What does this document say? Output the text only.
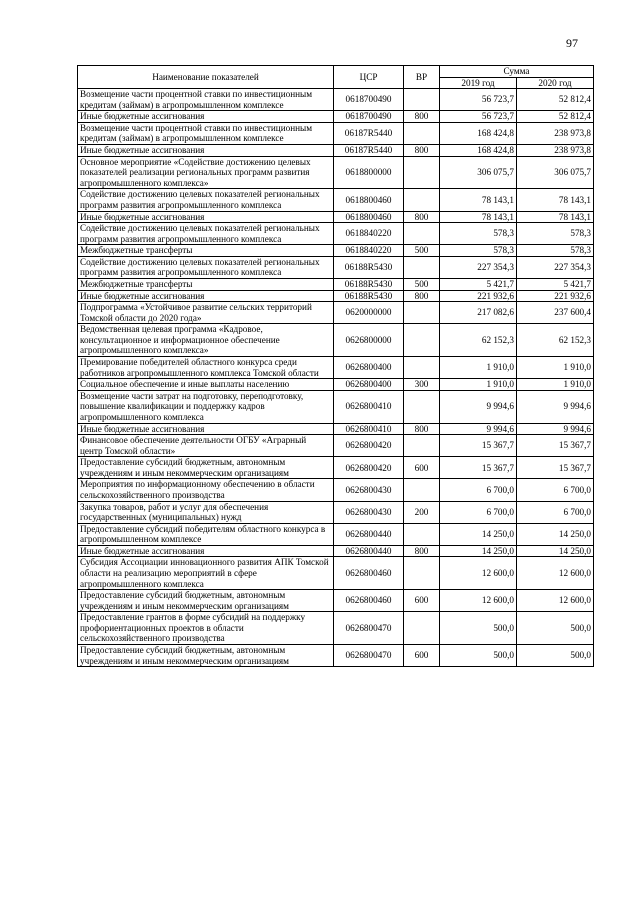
97
Наименование показателей	ЦСР	ВР	Сумма	
			2019 год	2020 год
Возмещение части процентной ставки по инвестиционным кредитам (займам) в агропромышленном комплексе	0618700490		56 723,7	52 812,4
Иные бюджетные ассигнования	0618700490	800	56 723,7	52 812,4
Возмещение части процентной ставки по инвестиционным кредитам (займам) в агропромышленном комплексе	06187R5440		168 424,8	238 973,8
Иные бюджетные ассигнования	06187R5440	800	168 424,8	238 973,8
Основное мероприятие «Содействие достижению целевых показателей реализации региональных программ развития агропромышленного комплекса»	0618800000		306 075,7	306 075,7
Содействие достижению целевых показателей региональных программ развития агропромышленного комплекса	0618800460		78 143,1	78 143,1
Иные бюджетные ассигнования	0618800460	800	78 143,1	78 143,1
Содействие достижению целевых показателей региональных программ развития агропромышленного комплекса	0618840220		578,3	578,3
Межбюджетные трансферты	0618840220	500	578,3	578,3
Содействие достижению целевых показателей региональных программ развития агропромышленного комплекса	06188R5430		227 354,3	227 354,3
Межбюджетные трансферты	06188R5430	500	5 421,7	5 421,7
Иные бюджетные ассигнования	06188R5430	800	221 932,6	221 932,6
Подпрограмма «Устойчивое развитие сельских территорий Томской области до 2020 года»	0620000000		217 082,6	237 600,4
Ведомственная целевая программа «Кадровое, консультационное и информационное обеспечение агропромышленного комплекса»	0626800000		62 152,3	62 152,3
Премирование победителей областного конкурса среди работников агропромышленного комплекса Томской области	0626800400		1 910,0	1 910,0
Социальное обеспечение и иные выплаты населению	0626800400	300	1 910,0	1 910,0
Возмещение части затрат на подготовку, переподготовку, повышение квалификации и поддержку кадров агропромышленного комплекса	0626800410		9 994,6	9 994,6
Иные бюджетные ассигнования	0626800410	800	9 994,6	9 994,6
Финансовое обеспечение деятельности ОГБУ «Аграрный центр Томской области»	0626800420		15 367,7	15 367,7
Предоставление субсидий бюджетным, автономным учреждениям и иным некоммерческим организациям	0626800420	600	15 367,7	15 367,7
Мероприятия по информационному обеспечению в области сельскохозяйственного производства	0626800430		6 700,0	6 700,0
Закупка товаров, работ и услуг для обеспечения государственных (муниципальных) нужд	0626800430	200	6 700,0	6 700,0
Предоставление субсидий победителям областного конкурса в агропромышленном комплексе	0626800440		14 250,0	14 250,0
Иные бюджетные ассигнования	0626800440	800	14 250,0	14 250,0
Субсидия Ассоциации инновационного развития АПК Томской области на реализацию мероприятий в сфере агропромышленного комплекса	0626800460		12 600,0	12 600,0
Предоставление субсидий бюджетным, автономным учреждениям и иным некоммерческим организациям	0626800460	600	12 600,0	12 600,0
Предоставление грантов в форме субсидий на поддержку профориентационных проектов в области сельскохозяйственного производства	0626800470		500,0	500,0
Предоставление субсидий бюджетным, автономным учреждениям и иным некоммерческим организациям	0626800470	600	500,0	500,0
